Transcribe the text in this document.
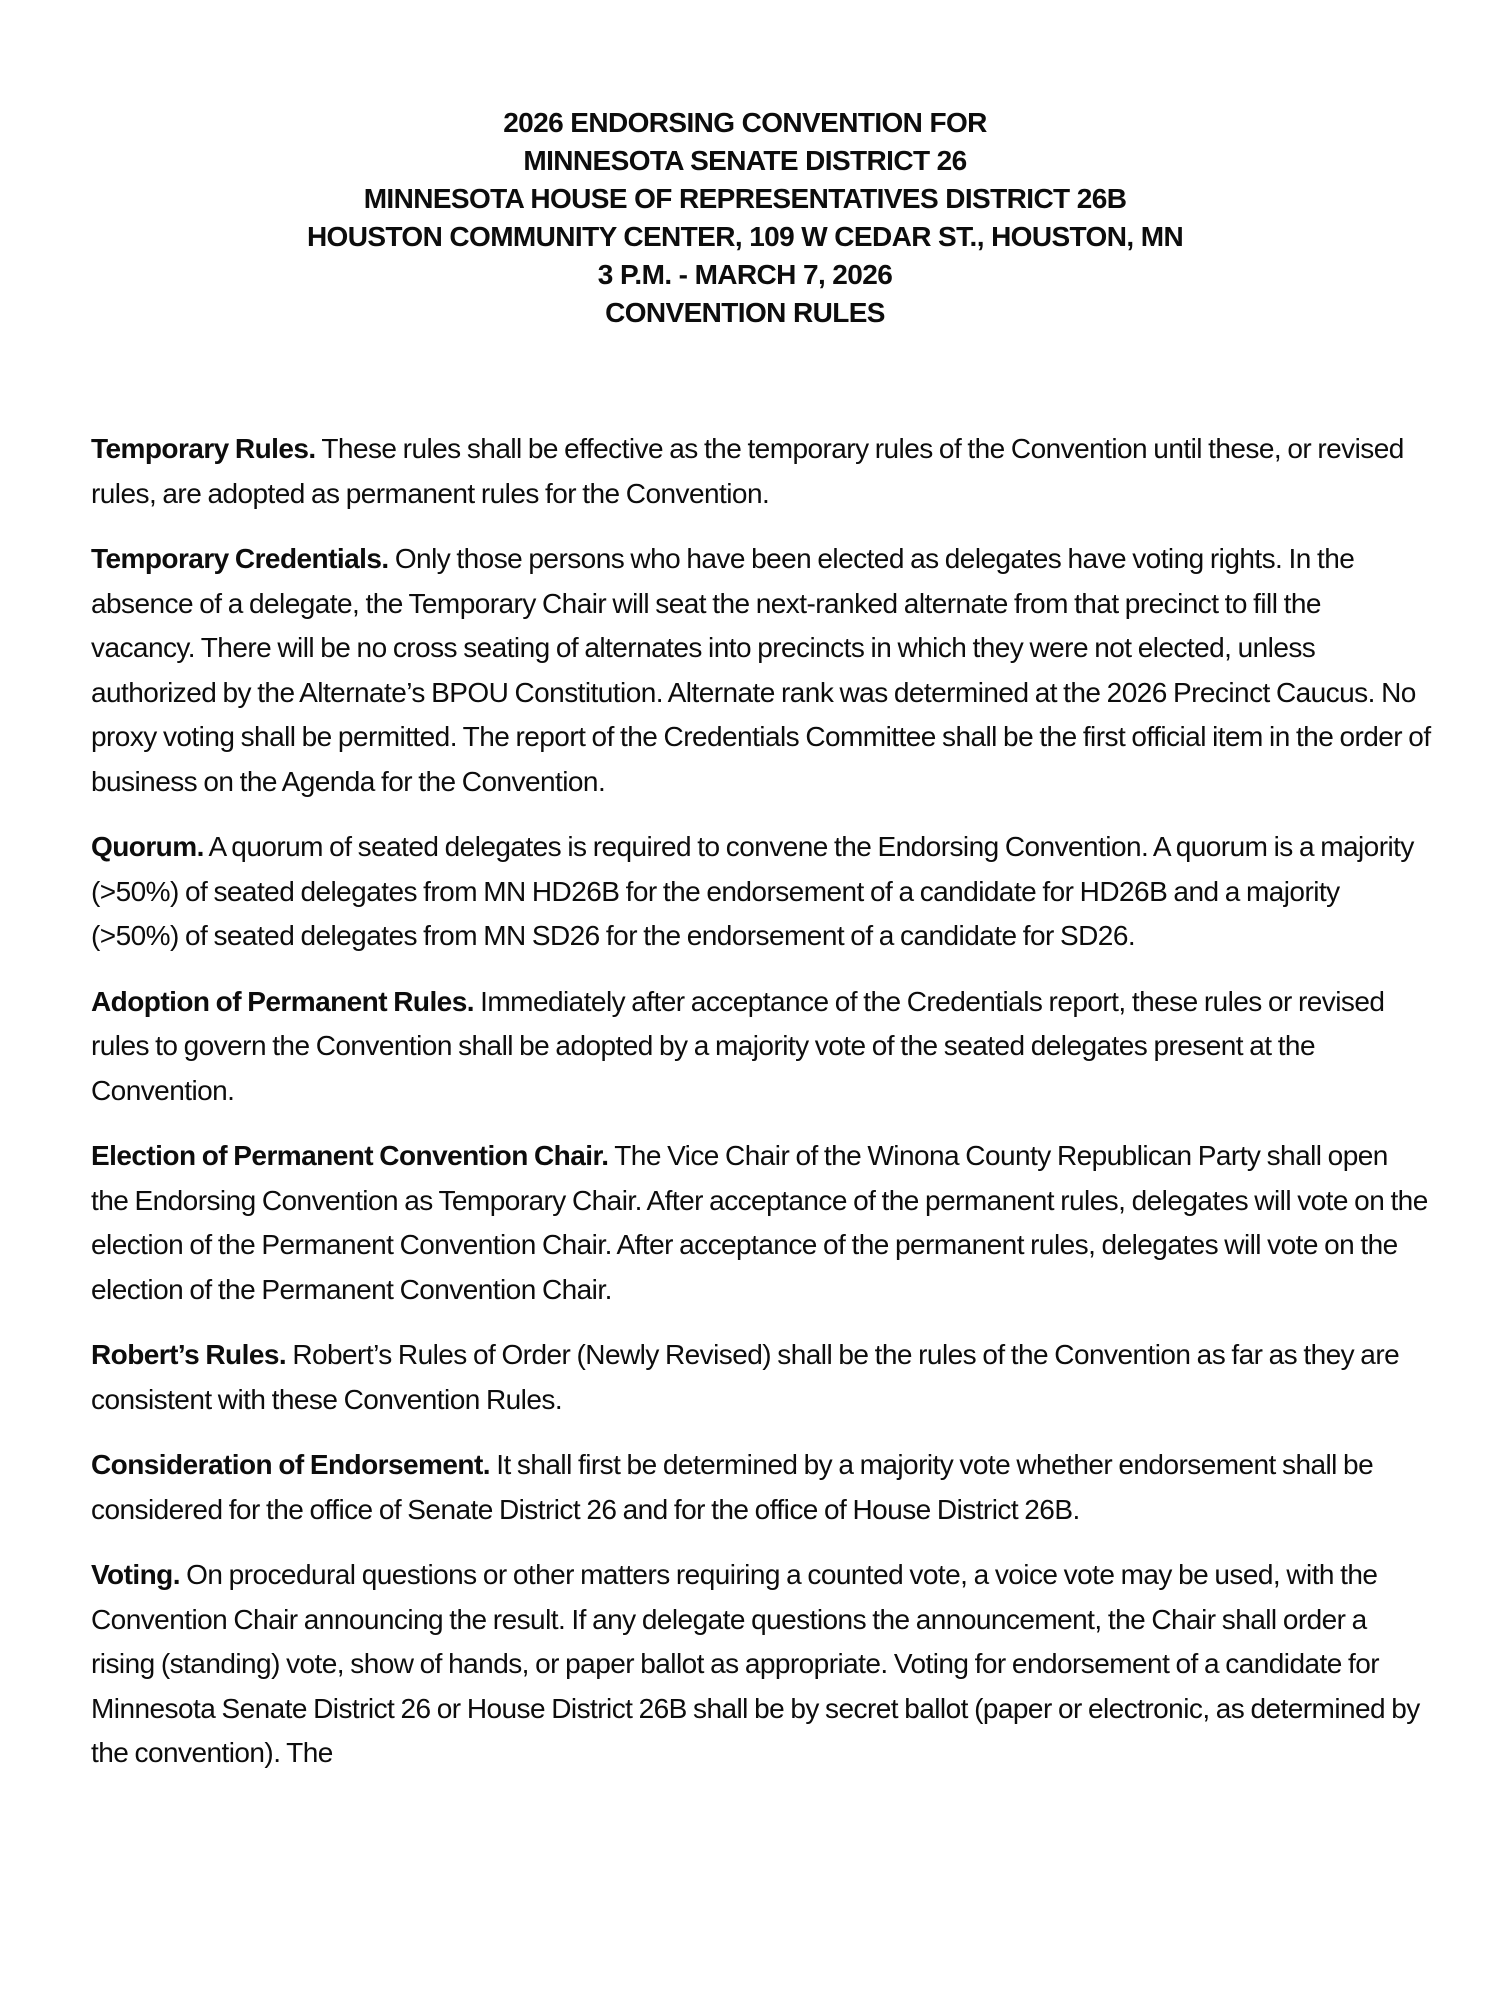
2026 ENDORSING CONVENTION FOR
MINNESOTA SENATE DISTRICT 26
MINNESOTA HOUSE OF REPRESENTATIVES DISTRICT 26B
HOUSTON COMMUNITY CENTER, 109 W CEDAR ST., HOUSTON, MN
3 P.M. - MARCH 7, 2026
CONVENTION RULES

Temporary Rules. These rules shall be effective as the temporary rules of the Convention until these, or revised rules, are adopted as permanent rules for the Convention.

Temporary Credentials. Only those persons who have been elected as delegates have voting rights. In the absence of a delegate, the Temporary Chair will seat the next-ranked alternate from that precinct to fill the vacancy. There will be no cross seating of alternates into precincts in which they were not elected, unless authorized by the Alternate’s BPOU Constitution. Alternate rank was determined at the 2026 Precinct Caucus. No proxy voting shall be permitted. The report of the Credentials Committee shall be the first official item in the order of business on the Agenda for the Convention.

Quorum. A quorum of seated delegates is required to convene the Endorsing Convention. A quorum is a majority (>50%) of seated delegates from MN HD26B for the endorsement of a candidate for HD26B and a majority (>50%) of seated delegates from MN SD26 for the endorsement of a candidate for SD26.

Adoption of Permanent Rules. Immediately after acceptance of the Credentials report, these rules or revised rules to govern the Convention shall be adopted by a majority vote of the seated delegates present at the Convention.

Election of Permanent Convention Chair. The Vice Chair of the Winona County Republican Party shall open the Endorsing Convention as Temporary Chair. After acceptance of the permanent rules, delegates will vote on the election of the Permanent Convention Chair. After acceptance of the permanent rules, delegates will vote on the election of the Permanent Convention Chair.

Robert’s Rules. Robert’s Rules of Order (Newly Revised) shall be the rules of the Convention as far as they are consistent with these Convention Rules.

Consideration of Endorsement. It shall first be determined by a majority vote whether endorsement shall be considered for the office of Senate District 26 and for the office of House District 26B.

Voting. On procedural questions or other matters requiring a counted vote, a voice vote may be used, with the Convention Chair announcing the result. If any delegate questions the announcement, the Chair shall order a rising (standing) vote, show of hands, or paper ballot as appropriate. Voting for endorsement of a candidate for Minnesota Senate District 26 or House District 26B shall be by secret ballot (paper or electronic, as determined by the convention). The
